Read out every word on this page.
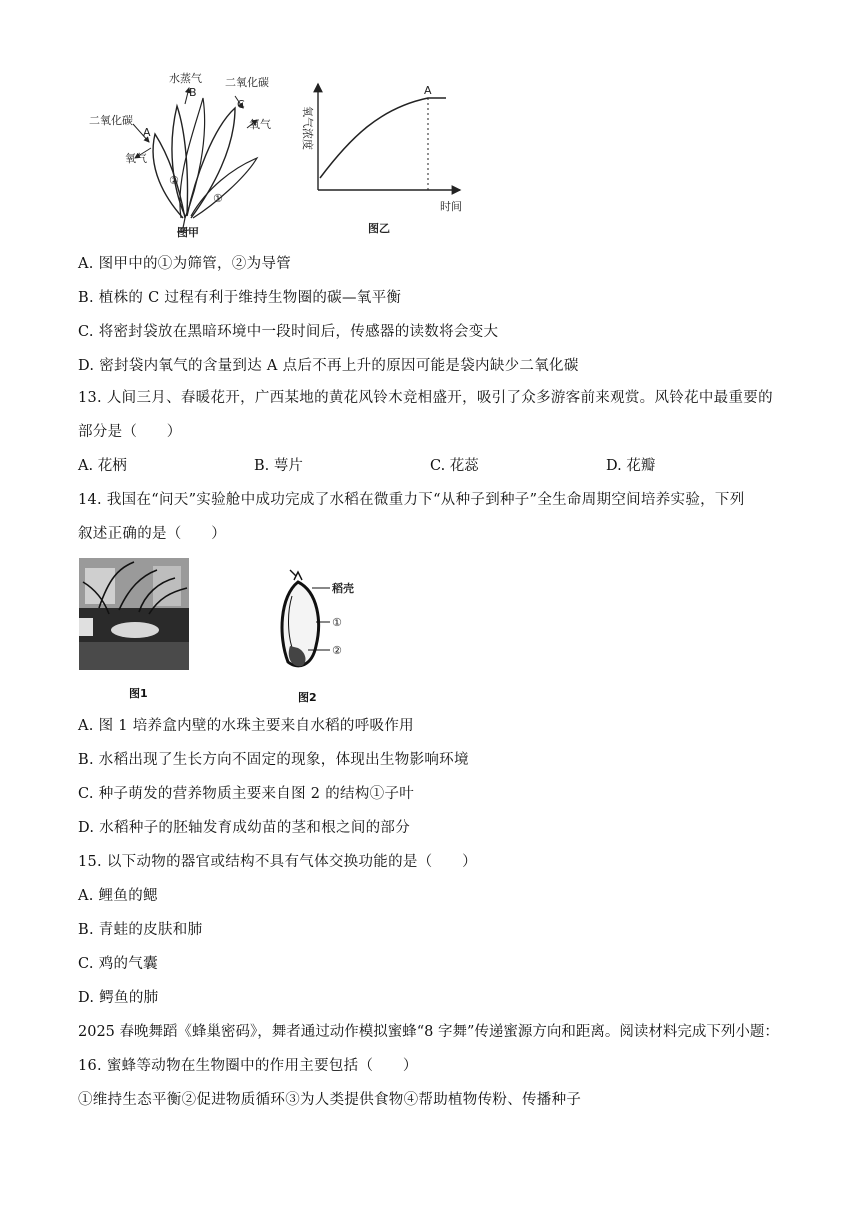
水蒸气
B
二氧化碳
C
二氧化碳
A
氧气
氧气
②
①
图甲
A
氧气浓度
时间
图乙
A. 图甲中的①为筛管，②为导管
B. 植株的 C 过程有利于维持生物圈的碳—氧平衡
C. 将密封袋放在黑暗环境中一段时间后，传感器的读数将会变大
D. 密封袋内氧气的含量到达 A 点后不再上升的原因可能是袋内缺少二氧化碳
13. 人间三月、春暖花开，广西某地的黄花风铃木竞相盛开，吸引了众多游客前来观赏。风铃花中最重要的
部分是（　　）
A. 花柄	B. 萼片	C. 花蕊	D. 花瓣
14. 我国在“问天”实验舱中成功完成了水稻在微重力下“从种子到种子”全生命周期空间培养实验，下列
叙述正确的是（　　）
图1
稻壳
①
②
图2
A. 图 1 培养盒内壁的水珠主要来自水稻的呼吸作用
B. 水稻出现了生长方向不固定的现象，体现出生物影响环境
C. 种子萌发的营养物质主要来自图 2 的结构①子叶
D. 水稻种子的胚轴发育成幼苗的茎和根之间的部分
15. 以下动物的器官或结构不具有气体交换功能的是（　　）
A. 鲤鱼的鳃
B. 青蛙的皮肤和肺
C. 鸡的气囊
D. 鳄鱼的肺
2025 春晚舞蹈《蜂巢密码》，舞者通过动作模拟蜜蜂“8 字舞”传递蜜源方向和距离。阅读材料完成下列小题：
16. 蜜蜂等动物在生物圈中的作用主要包括（　　）
①维持生态平衡②促进物质循环③为人类提供食物④帮助植物传粉、传播种子
